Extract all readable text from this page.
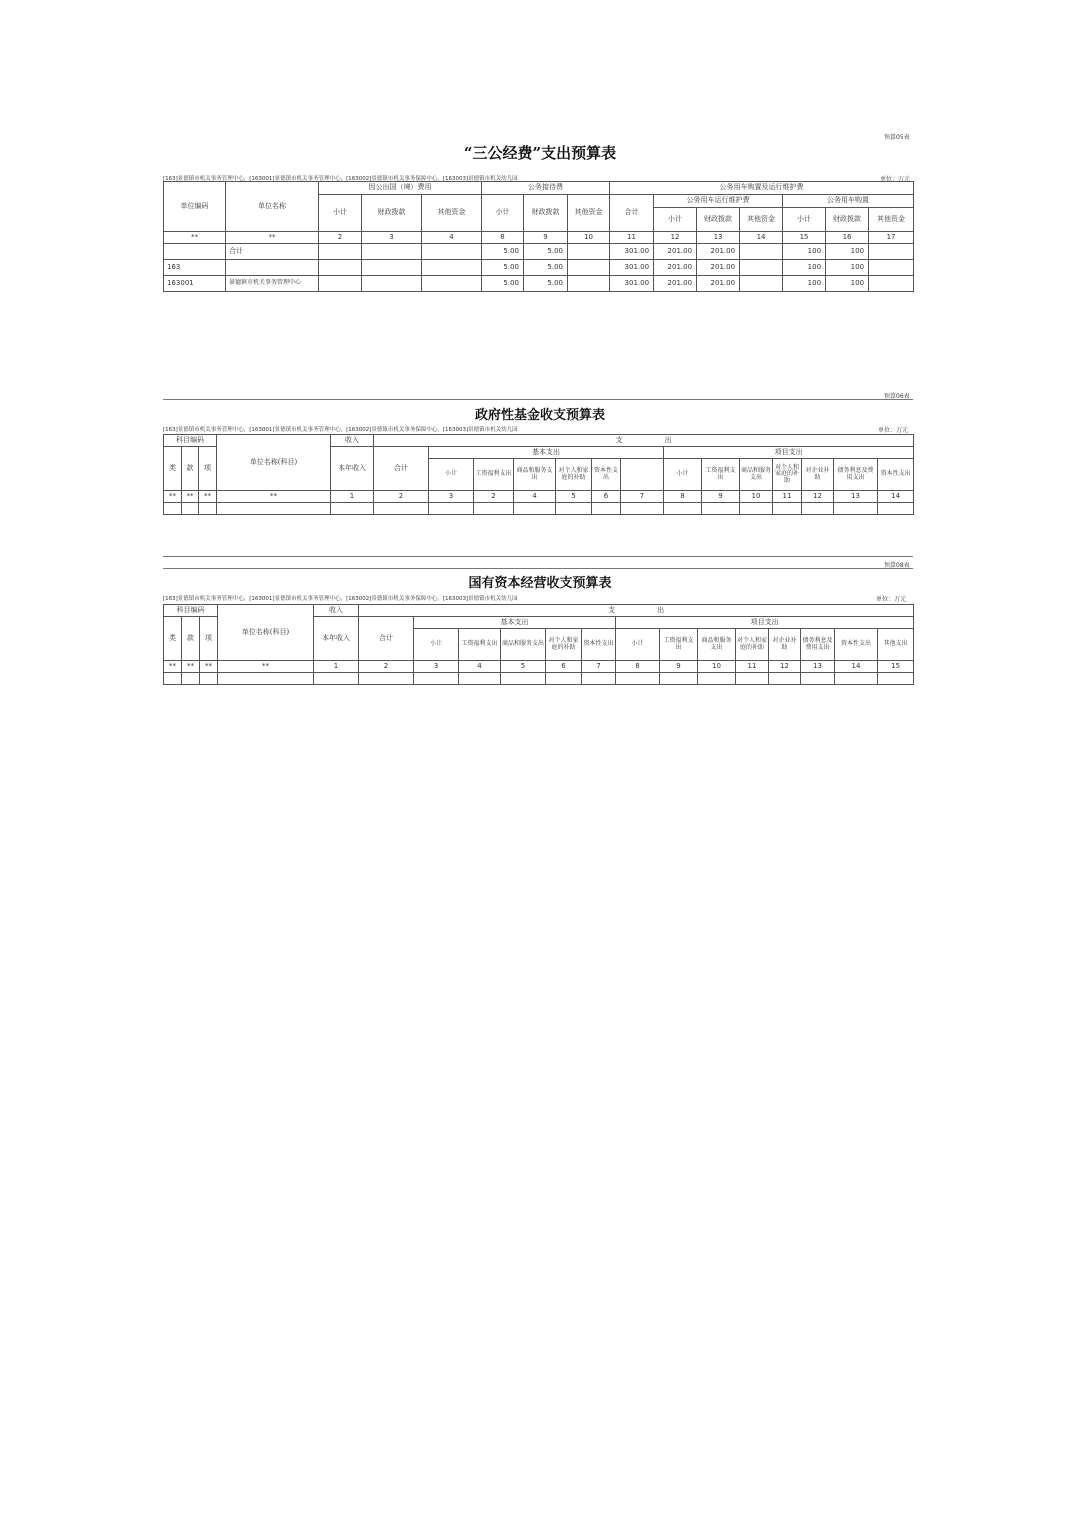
预算05表
“三公经费”支出预算表
[163]景德镇市机关事务管理中心，[163001]景德镇市机关事务管理中心，[163002]景德镇市机关事务保障中心，[163003]景德镇市机关幼儿园	单位：万元
单位编码	单位名称	因公出国（境）费用			公务接待费			公务用车购置及运行维护费						
		小计	财政拨款	其他资金	小计	财政拨款	其他资金	合计	公务用车运行维护费			公务用车购置		
									小计	财政拨款	其他资金	小计	财政拨款	其他资金
**	**	2	3	4	8	9	10	11	12	13	14	15	16	17
	合计				5.00	5.00		301.00	201.00	201.00		100	100	
163					5.00	5.00		301.00	201.00	201.00		100	100	
163001	景德镇市机关事务管理中心				5.00	5.00		301.00	201.00	201.00		100	100	
预算06表
政府性基金收支预算表
[163]景德镇市机关事务管理中心，[163001]景德镇市机关事务管理中心，[163002]景德镇市机关事务保障中心，[163003]景德镇市机关幼儿园	单位：万元
科目编码			单位名称(科目)	收入	支　　　　　　出														
类	款	项		本年收入	合计	基本支出						项目支出							
						小计	工资福利支出	商品和服务支出	对个人和家庭的补助	资本性支出		小计	工资福利支出	商品和服务支出	对个人和家庭的补助	对企业补助	债务利息及费用支出	资本性支出	
**	**	**	**	1	2	3	2	4	5	6	7	8	9	10	11	12	13	14	

预算08表
国有资本经营收支预算表
[163]景德镇市机关事务管理中心，[163001]景德镇市机关事务管理中心，[163002]景德镇市机关事务保障中心，[163003]景德镇市机关幼儿园	单位：万元
科目编码			单位名称(科目)	收入	支　　　　　　出														
类	款	项		本年收入	合计	基本支出					项目支出								
						小计	工资福利支出	商品和服务支出	对个人和家庭的补助	资本性支出	小计	工资福利支出	商品和服务支出	对个人和家庭的补助	对企业补助	债务利息及费用支出	资本性支出	其他支出	
**	**	**	**	1	2	3	4	5	6	7	8	9	10	11	12	13	14	15	
